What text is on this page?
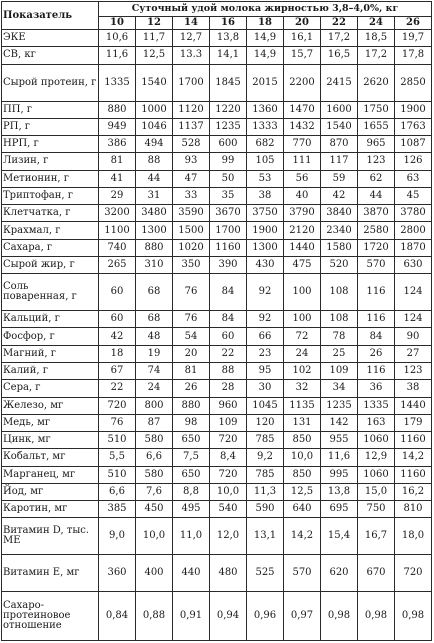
Показатель	Суточный удой молока жирностью 3,8–4,0%, кг								
	10	12	14	16	18	20	22	24	26
ЭКЕ	10,6	11,7	12,7	13,8	14,9	16,1	17,2	18,5	19,7
СВ, кг	11,6	12,5	13.3	14,1	14,9	15,7	16,5	17,2	17,8
Сырой протеин, г	1335	1540	1700	1845	2015	2200	2415	2620	2850
ПП, г	880	1000	1120	1220	1360	1470	1600	1750	1900
РП, г	949	1046	1137	1235	1333	1432	1540	1655	1763
НРП, г	386	494	528	600	682	770	870	965	1087
Лизин, г	81	88	93	99	105	111	117	123	126
Метионин, г	41	44	47	50	53	56	59	62	63
Триптофан, г	29	31	33	35	38	40	42	44	45
Клетчатка, г	3200	3480	3590	3670	3750	3790	3840	3870	3780
Крахмал, г	1100	1300	1500	1700	1900	2120	2340	2580	2800
Сахара, г	740	880	1020	1160	1300	1440	1580	1720	1870
Сырой жир, г	265	310	350	390	430	475	520	570	630
Соль поваренная, г	60	68	76	84	92	100	108	116	124
Кальций, г	60	68	76	84	92	100	108	116	124
Фосфор, г	42	48	54	60	66	72	78	84	90
Магний, г	18	19	20	22	23	24	25	26	27
Калий, г	67	74	81	88	95	102	109	116	123
Сера, г	22	24	26	28	30	32	34	36	38
Железо, мг	720	800	880	960	1045	1135	1235	1335	1440
Медь, мг	76	87	98	109	120	131	142	163	179
Цинк, мг	510	580	650	720	785	850	955	1060	1160
Кобальт, мг	5,5	6,6	7,5	8,4	9,2	10,0	11,6	12,9	14,2
Марганец, мг	510	580	650	720	785	850	995	1060	1160
Йод, мг	6,6	7,6	8,8	10,0	11,3	12,5	13,8	15,0	16,2
Каротин, мг	385	450	495	540	590	640	695	750	810
Витамин D, тыс. МЕ	9,0	10,0	11,0	12,0	13,1	14,2	15,4	16,7	18,0
Витамин E, мг	360	400	440	480	525	570	620	670	720
Сахаро-протеиновое отношение	0,84	0,88	0,91	0,94	0,96	0,97	0,98	0,98	0,98
